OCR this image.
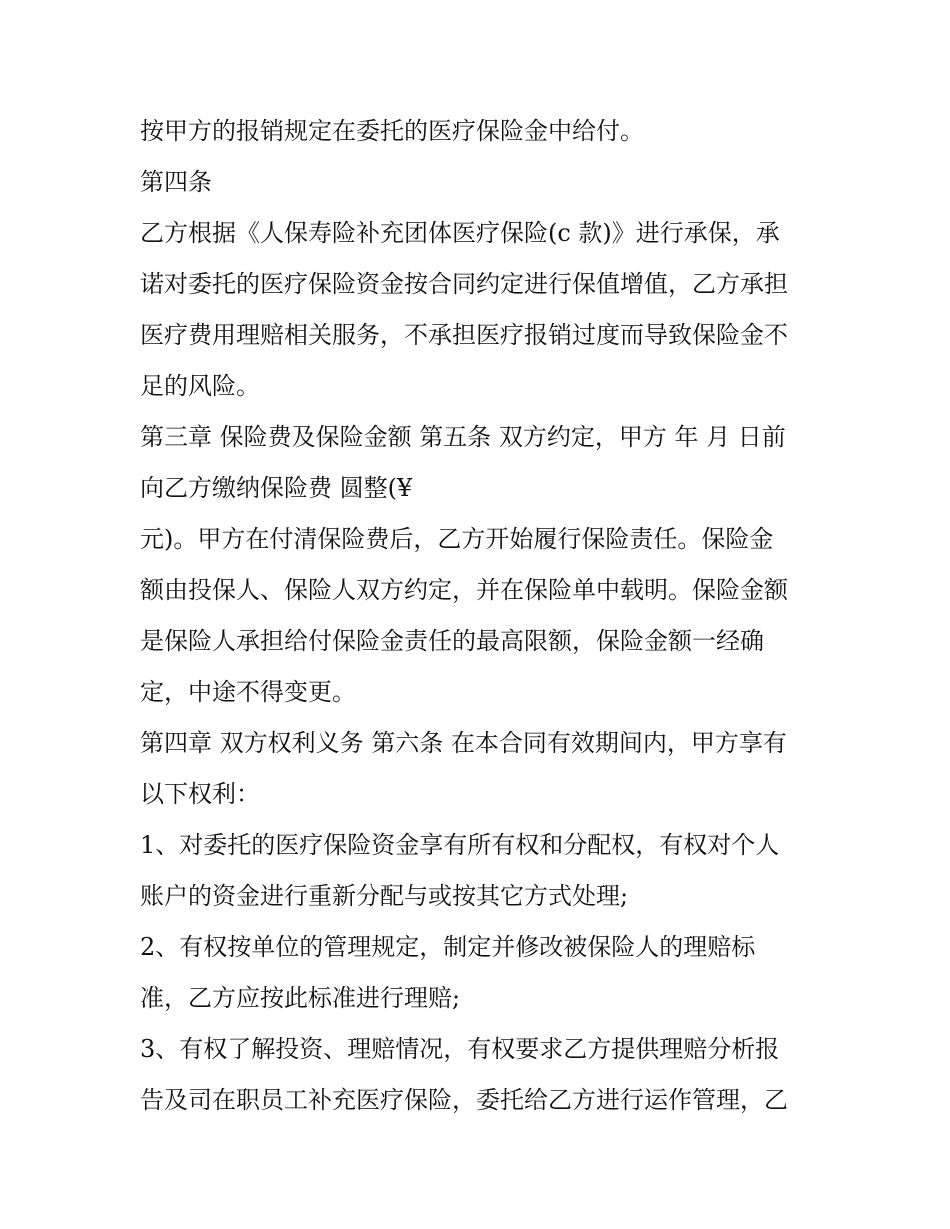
按甲方的报销规定在委托的医疗保险金中给付。
第四条
乙方根据《人保寿险补充团体医疗保险(c 款)》进行承保，承
诺对委托的医疗保险资金按合同约定进行保值增值，乙方承担
医疗费用理赔相关服务，不承担医疗报销过度而导致保险金不
足的风险。
第三章 保险费及保险金额 第五条 双方约定，甲方 年 月 日前
向乙方缴纳保险费 圆整(¥
元)。甲方在付清保险费后，乙方开始履行保险责任。保险金
额由投保人、保险人双方约定，并在保险单中载明。保险金额
是保险人承担给付保险金责任的最高限额，保险金额一经确
定，中途不得变更。
第四章 双方权利义务 第六条 在本合同有效期间内，甲方享有
以下权利：
1、对委托的医疗保险资金享有所有权和分配权，有权对个人
账户的资金进行重新分配与或按其它方式处理;
2、有权按单位的管理规定，制定并修改被保险人的理赔标
准，乙方应按此标准进行理赔;
3、有权了解投资、理赔情况，有权要求乙方提供理赔分析报
告及司在职员工补充医疗保险，委托给乙方进行运作管理，乙
